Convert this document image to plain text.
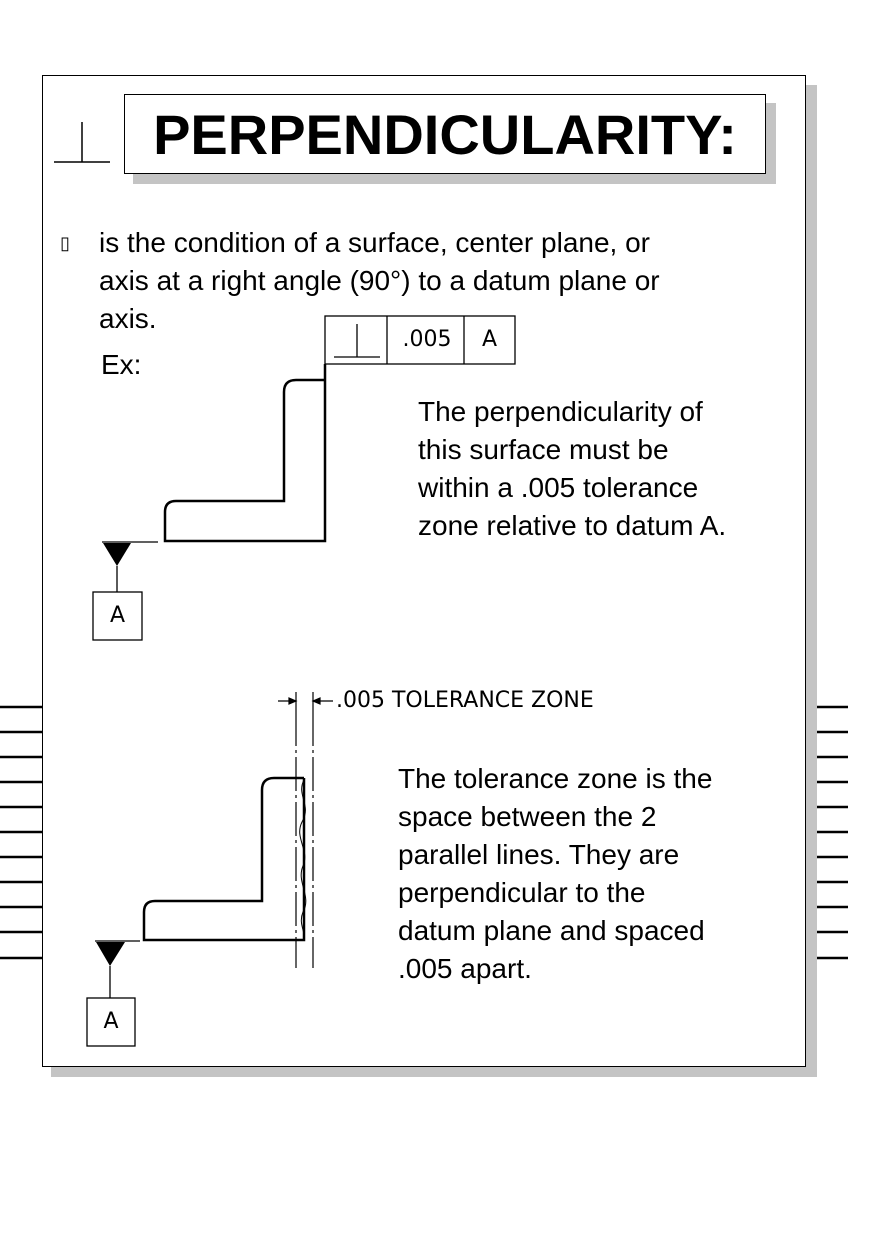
PERPENDICULARITY:
▯ is the condition of a surface, center plane, or
axis at a right angle (90°) to a datum plane or
axis.
Ex:
.005	A
A
The perpendicularity of
this surface must be
within a .005 tolerance
zone relative to datum A.
.005 TOLERANCE ZONE
A
The tolerance zone is the
space between the 2
parallel lines. They are
perpendicular to the
datum plane and spaced
.005 apart.
